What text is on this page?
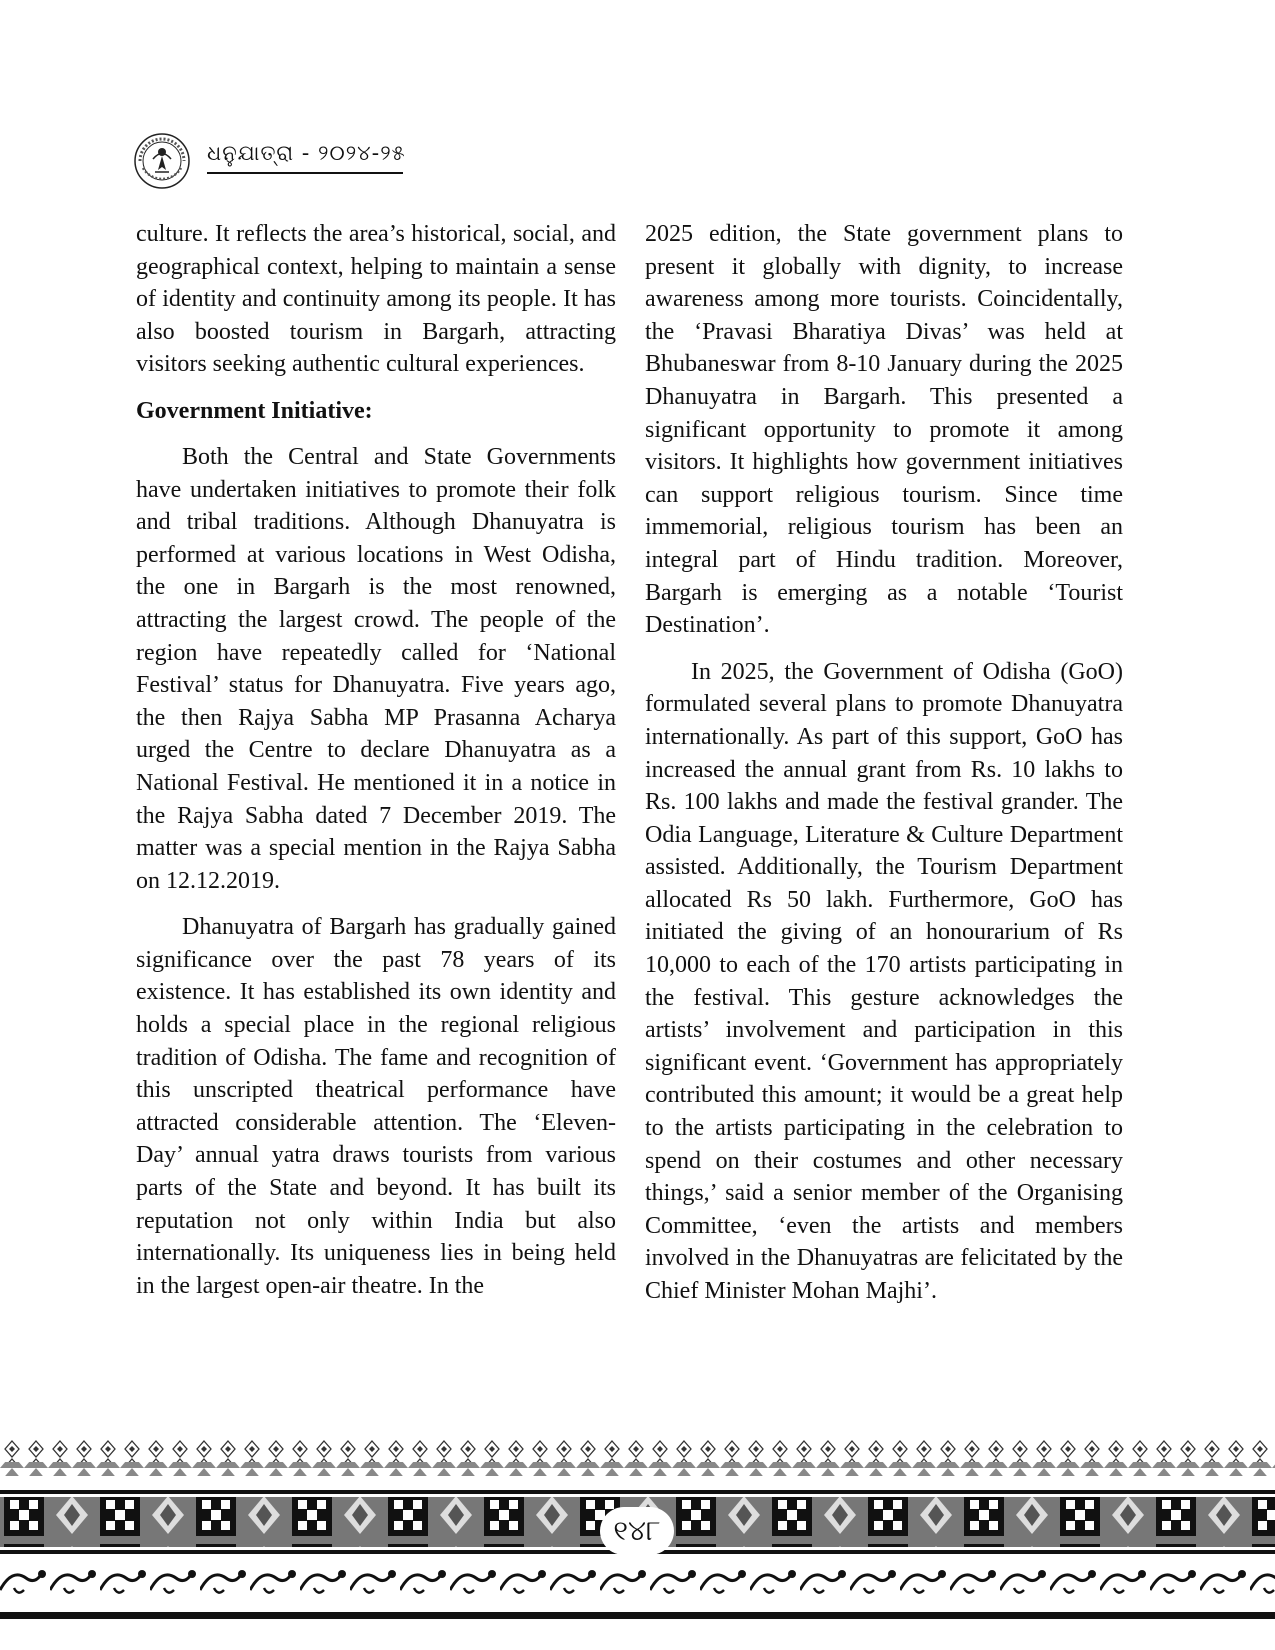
ଧନୁଯାତ୍ରା - ୨୦୨୪-୨୫

culture. It reflects the area’s historical, social, and geographical context, helping to maintain a sense of identity and continuity among its people. It has also boosted tourism in Bargarh, attracting visitors seeking authentic cultural experiences.

Government Initiative:

Both the Central and State Governments have undertaken initiatives to promote their folk and tribal traditions. Although Dhanuyatra is performed at various locations in West Odisha, the one in Bargarh is the most renowned, attracting the largest crowd. The people of the region have repeatedly called for ‘National Festival’ status for Dhanuyatra. Five years ago, the then Rajya Sabha MP Prasanna Acharya urged the Centre to declare Dhanuyatra as a National Festival. He mentioned it in a notice in the Rajya Sabha dated 7 December 2019. The matter was a special mention in the Rajya Sabha on 12.12.2019.

Dhanuyatra of Bargarh has gradually gained significance over the past 78 years of its existence. It has established its own identity and holds a special place in the regional religious tradition of Odisha. The fame and recognition of this unscripted theatrical performance have attracted considerable attention. The ‘Eleven-Day’ annual yatra draws tourists from various parts of the State and beyond. It has built its reputation not only within India but also internationally. Its uniqueness lies in being held in the largest open-air theatre. In the

2025 edition, the State government plans to present it globally with dignity, to increase awareness among more tourists. Coincidentally, the ‘Pravasi Bharatiya Divas’ was held at Bhubaneswar from 8-10 January during the 2025 Dhanuyatra in Bargarh. This presented a significant opportunity to promote it among visitors. It highlights how government initiatives can support religious tourism. Since time immemorial, religious tourism has been an integral part of Hindu tradition. Moreover, Bargarh is emerging as a notable ‘Tourist Destination’.

In 2025, the Government of Odisha (GoO) formulated several plans to promote Dhanuyatra internationally. As part of this support, GoO has increased the annual grant from Rs. 10 lakhs to Rs. 100 lakhs and made the festival grander. The Odia Language, Literature & Culture Department assisted. Additionally, the Tourism Department allocated Rs 50 lakh. Furthermore, GoO has initiated the giving of an honourarium of Rs 10,000 to each of the 170 artists participating in the festival. This gesture acknowledges the artists’ involvement and participation in this significant event. ‘Government has appropriately contributed this amount; it would be a great help to the artists participating in the celebration to spend on their costumes and other necessary things,’ said a senior member of the Organising Committee, ‘even the artists and members involved in the Dhanuyatras are felicitated by the Chief Minister Mohan Majhi’.

୧୪୮
